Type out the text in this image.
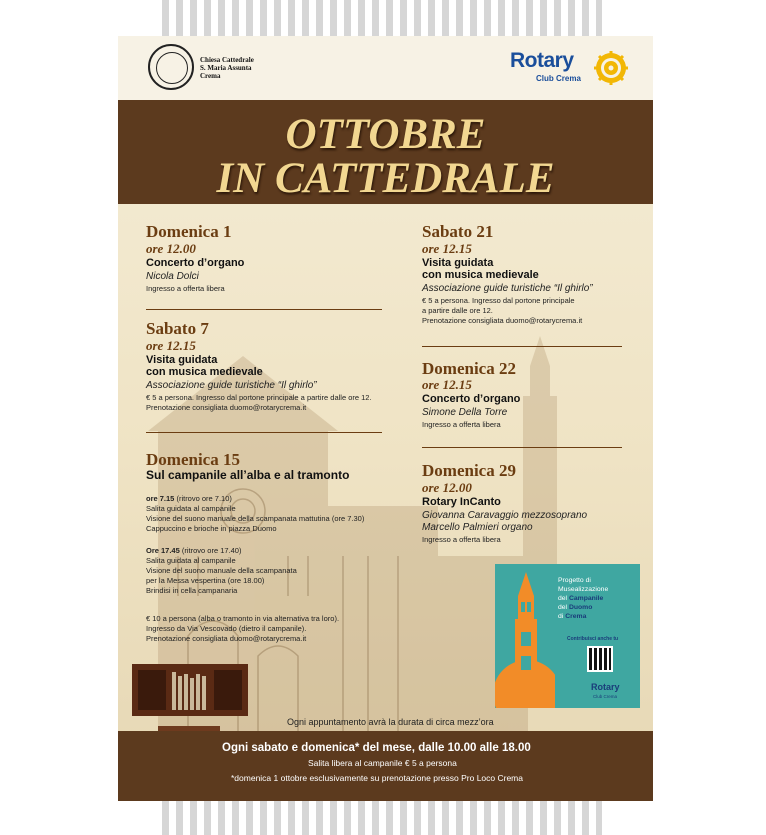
Chiesa Cattedrale
S. Maria Assunta
Crema
Rotary
Club Crema
OTTOBRE
IN CATTEDRALE
Domenica 1
ore 12.00
Concerto d’organo
Nicola Dolci
Ingresso a offerta libera
Sabato 7
ore 12.15
Visita guidata
con musica medievale
Associazione guide turistiche “Il ghirlo”
€ 5 a persona. Ingresso dal portone principale a partire dalle ore 12.
Prenotazione consigliata duomo@rotarycrema.it
Domenica 15
Sul campanile all’alba e al tramonto
ore 7.15 (ritrovo ore 7.10)
Salita guidata al campanile
Visione del suono manuale della scampanata mattutina (ore 7.30)
Cappuccino e brioche in piazza Duomo
Ore 17.45 (ritrovo ore 17.40)
Salita guidata al campanile
Visione del suono manuale della scampanata
per la Messa vespertina (ore 18.00)
Brindisi in cella campanaria
€ 10 a persona (alba o tramonto in via alternativa tra loro).
Ingresso da Via Vescovado (dietro il campanile).
Prenotazione consigliata duomo@rotarycrema.it
Sabato 21
ore 12.15
Visita guidata
con musica medievale
Associazione guide turistiche “Il ghirlo”
€ 5 a persona. Ingresso dal portone principale
a partire dalle ore 12.
Prenotazione consigliata duomo@rotarycrema.it
Domenica 22
ore 12.15
Concerto d’organo
Simone Della Torre
Ingresso a offerta libera
Domenica 29
ore 12.00
Rotary InCanto
Giovanna Caravaggio mezzosoprano
Marcello Palmieri organo
Ingresso a offerta libera
Progetto di
Musealizzazione
del Campanile
del Duomo
di Crema
Contribuisci anche tu
Rotary
Club Crema
Ogni appuntamento avrà la durata di circa mezz’ora
Ogni sabato e domenica* del mese, dalle 10.00 alle 18.00
Salita libera al campanile € 5 a persona
*domenica 1 ottobre esclusivamente su prenotazione presso Pro Loco Crema
